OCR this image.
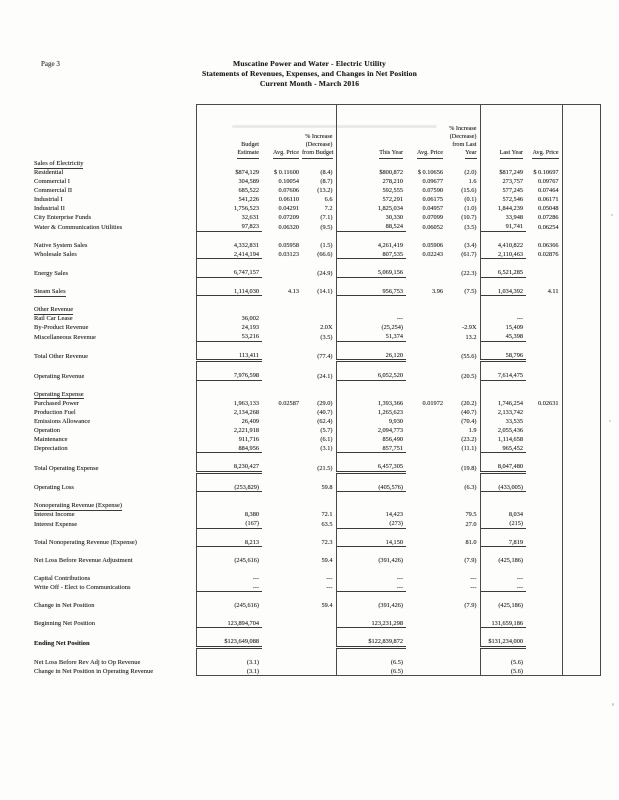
Page 3	Muscatine Power and Water - Electric Utility
Statements of Revenues, Expenses, and Changes in Net Position
Current Month - March 2016

Budget
Estimate	Avg. Price

% Increase
(Decrease)
from Budget	This Year	Avg. Price

% Increase
(Decrease)
from Last
Year	Last Year	Avg. Price

Sales of Electricity									
Residential	$874,129	$ 0.11600	(8.4)	$800,872	$ 0.10656	(2.0)	$817,249	$ 0.10697	
Commercial I	304,589	0.10054	(8.7)	278,210	0.09677	1.6	273,757	0.09767	
Commercial II	685,522	0.07606	(13.2)	592,555	0.07590	(15.6)	577,245	0.07464	
Industrial I	541,226	0.06110	6.6	572,291	0.06175	(0.1)	572,546	0.06171	
Industrial II	1,756,523	0.04291	7.2	1,825,034	0.04957	(1.0)	1,844,239	0.05048	
City Enterprise Funds	32,631	0.07209	(7.1)	30,330	0.07099	(10.7)	33,948	0.07286	
Water & Communication Utilities	97,823	0.06320	(9.5)	88,524	0.06052	(3.5)	91,741	0.06254	

Native System Sales	4,332,831	0.05958	(1.5)	4,261,419	0.05906	(3.4)	4,410,822	0.06366	
Wholesale Sales	2,414,194	0.03123	(66.6)	807,535	0.02243	(61.7)	2,110,463	0.02876	

Energy Sales	6,747,157		(24.9)	5,069,156		(22.3)	6,521,285		

Steam Sales	1,114,030	4.13	(14.1)	956,753	3.96	(7.5)	1,034,392	4.11	

Other Revenue									
Rail Car Lease	36,002			---			---		
By-Product Revenue	24,193		2.0X	(25,254)		-2.9X	15,409		
Miscellaneous Revenue	53,216		(3.5)	51,374		13.2	45,398		

Total Other Revenue	113,411		(77.4)	26,120		(55.6)	58,796		

Operating Revenue	7,976,598		(24.1)	6,052,520		(20.5)	7,614,475		

Operating Expense									
Purchased Power	1,963,133	0.02587	(29.0)	1,393,366	0.01972	(20.2)	1,746,254	0.02631	
Production Fuel	2,134,268		(40.7)	1,265,623		(40.7)	2,133,742		
Emissions Allowance	26,409		(62.4)	9,930		(70.4)	33,535		
Operation	2,221,918		(5.7)	2,094,773		1.9	2,055,436		
Maintenance	911,716		(6.1)	856,490		(23.2)	1,114,658		
Depreciation	884,956		(3.1)	857,751		(11.1)	965,452		

Total Operating Expense	8,230,427		(21.5)	6,457,305		(19.8)	8,047,480		

Operating Loss	(253,829)		59.8	(405,576)		(6.3)	(433,005)		

Nonoperating Revenue (Expense)									
Interest Income	8,380		72.1	14,423		79.5	8,034		
Interest Expense	(167)		63.5	(273)		27.0	(215)		

Total Nonoperating Revenue (Expense)	8,213		72.3	14,150		81.0	7,819		

Net Loss Before Revenue Adjustment	(245,616)		59.4	(391,426)		(7.9)	(425,186)		

Capital Contributions	---		---	---		---	---		
Write Off - Elect to Communications	---		---	---		---	---		

Change in Net Position	(245,616)		59.4	(391,426)		(7.9)	(425,186)		

Beginning Net Position	123,894,704			123,231,298			131,659,186		

Ending Net Position	$123,649,088			$122,839,872			$131,234,000		

Net Loss Before Rev Adj to Op Revenue	(3.1)			(6.5)			(5.6)		
Change in Net Position in Operating Revenue	(3.1)			(6.5)			(5.6)		
